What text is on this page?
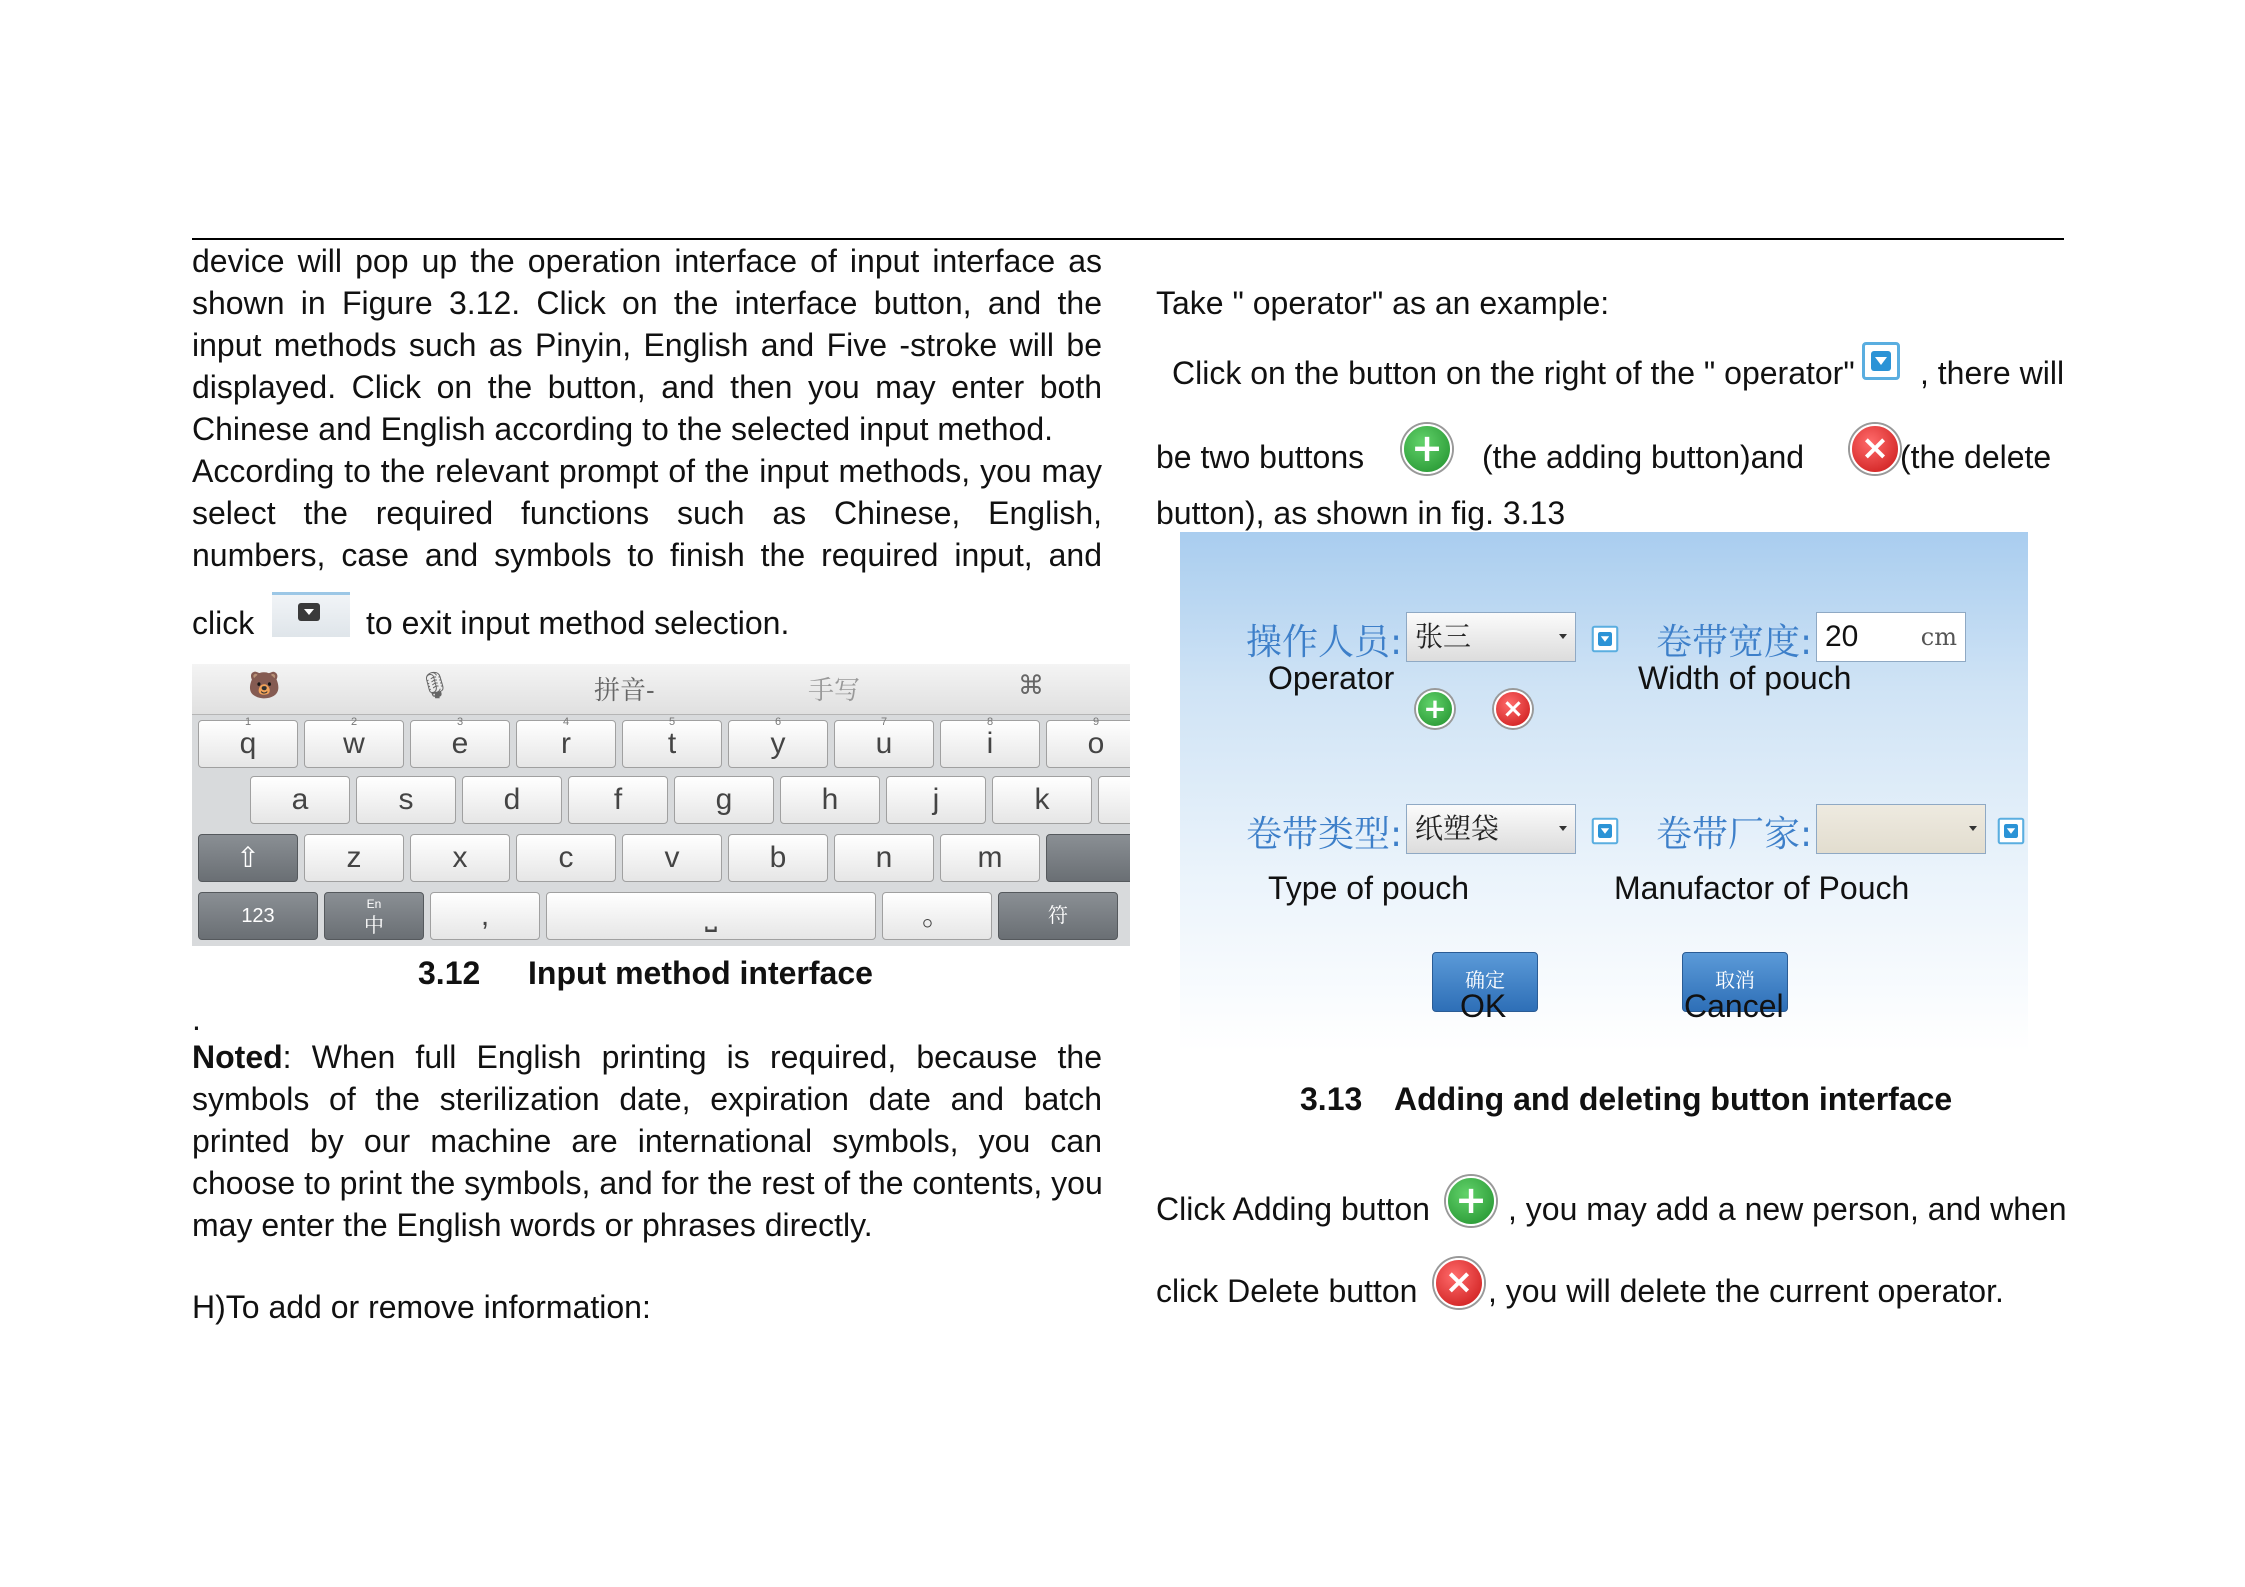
device will pop up the operation interface of input interface as
shown in Figure 3.12. Click on the interface button, and the
input methods such as Pinyin, English and Five -stroke will be
displayed. Click on the button, and then you may enter both
Chinese and English according to the selected input method.
According to the relevant prompt of the input methods, you may
select the required functions such as Chinese, English,
numbers, case and symbols to finish the required input, and
click	to exit input method selection.
🐻	🎙	拼音-	手写	⌘
1
q
2
w
3
e
4
r
5
t
6
y
7
u
8
i
9
o
a	s	d	f	g	h	j	k
⇧	z	x	c	v	b	n	m
123
En
中	,	⎵	。	符
3.12 Input method interface
.
Noted: When full English printing is required, because the
symbols of the sterilization date, expiration date and batch
printed by our machine are international symbols, you can
choose to print the symbols, and for the rest of the contents, you
may enter the English words or phrases directly.
H)To add or remove information:
Take " operator" as an example:
Click on the button on the right of the " operator" , there will
be two buttons + (the adding button)and	× (the delete
button), as shown in fig. 3.13
操作人员: 张三
Operator
+	×
卷带宽度: 20	cm
Width of pouch
卷带类型: 纸塑袋
Type of pouch
卷带厂家:
Manufactor of Pouch
确定
OK
取消
Cancel
3.13 Adding and deleting button interface
Click Adding button + , you may add a new person, and when
click Delete button × , you will delete the current operator.
